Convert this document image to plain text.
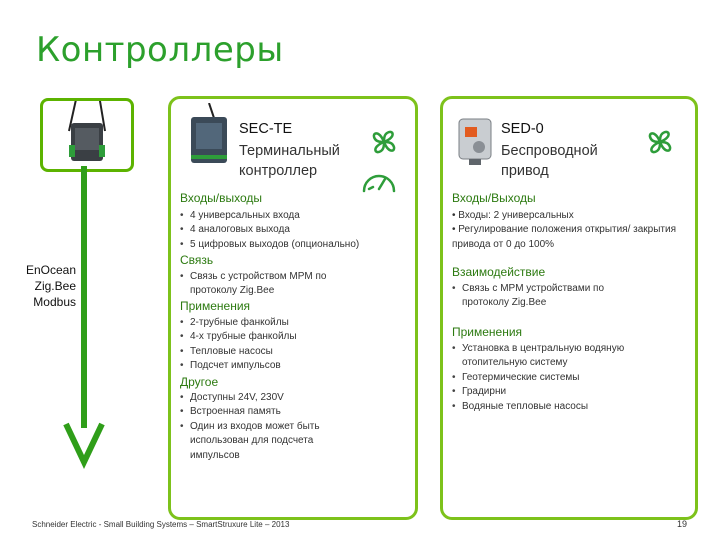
Контроллеры
EnOcean
Zig.Bee
Modbus
SEC-TE
Терминальный
контроллер
Входы/выходы
• 4 универсальных входа
• 4 аналоговых выхода
• 5 цифровых выходов (опционально)
Связь
• Связь с устройством MPM по протоколу Zig.Bee
Применения
• 2-трубные фанкойлы
• 4-х трубные фанкойлы
• Тепловые насосы
• Подсчет импульсов
Другое
• Доступны 24V, 230V
• Встроенная память
• Один из входов может быть использован для подсчета импульсов
SED-0
Беспроводной
привод
Входы/Выходы
• Входы: 2 универсальных
• Регулирование положения открытия/ закрытия привода от 0 до 100%
Взаимодействие
• Связь с MPM устройствами по протоколу Zig.Bee
Применения
• Установка в центральную водяную отопительную систему
• Геотермические системы
• Градирни
• Водяные тепловые насосы
Schneider Electric - Small Building Systems – SmartStruxure Lite – 2013	19
